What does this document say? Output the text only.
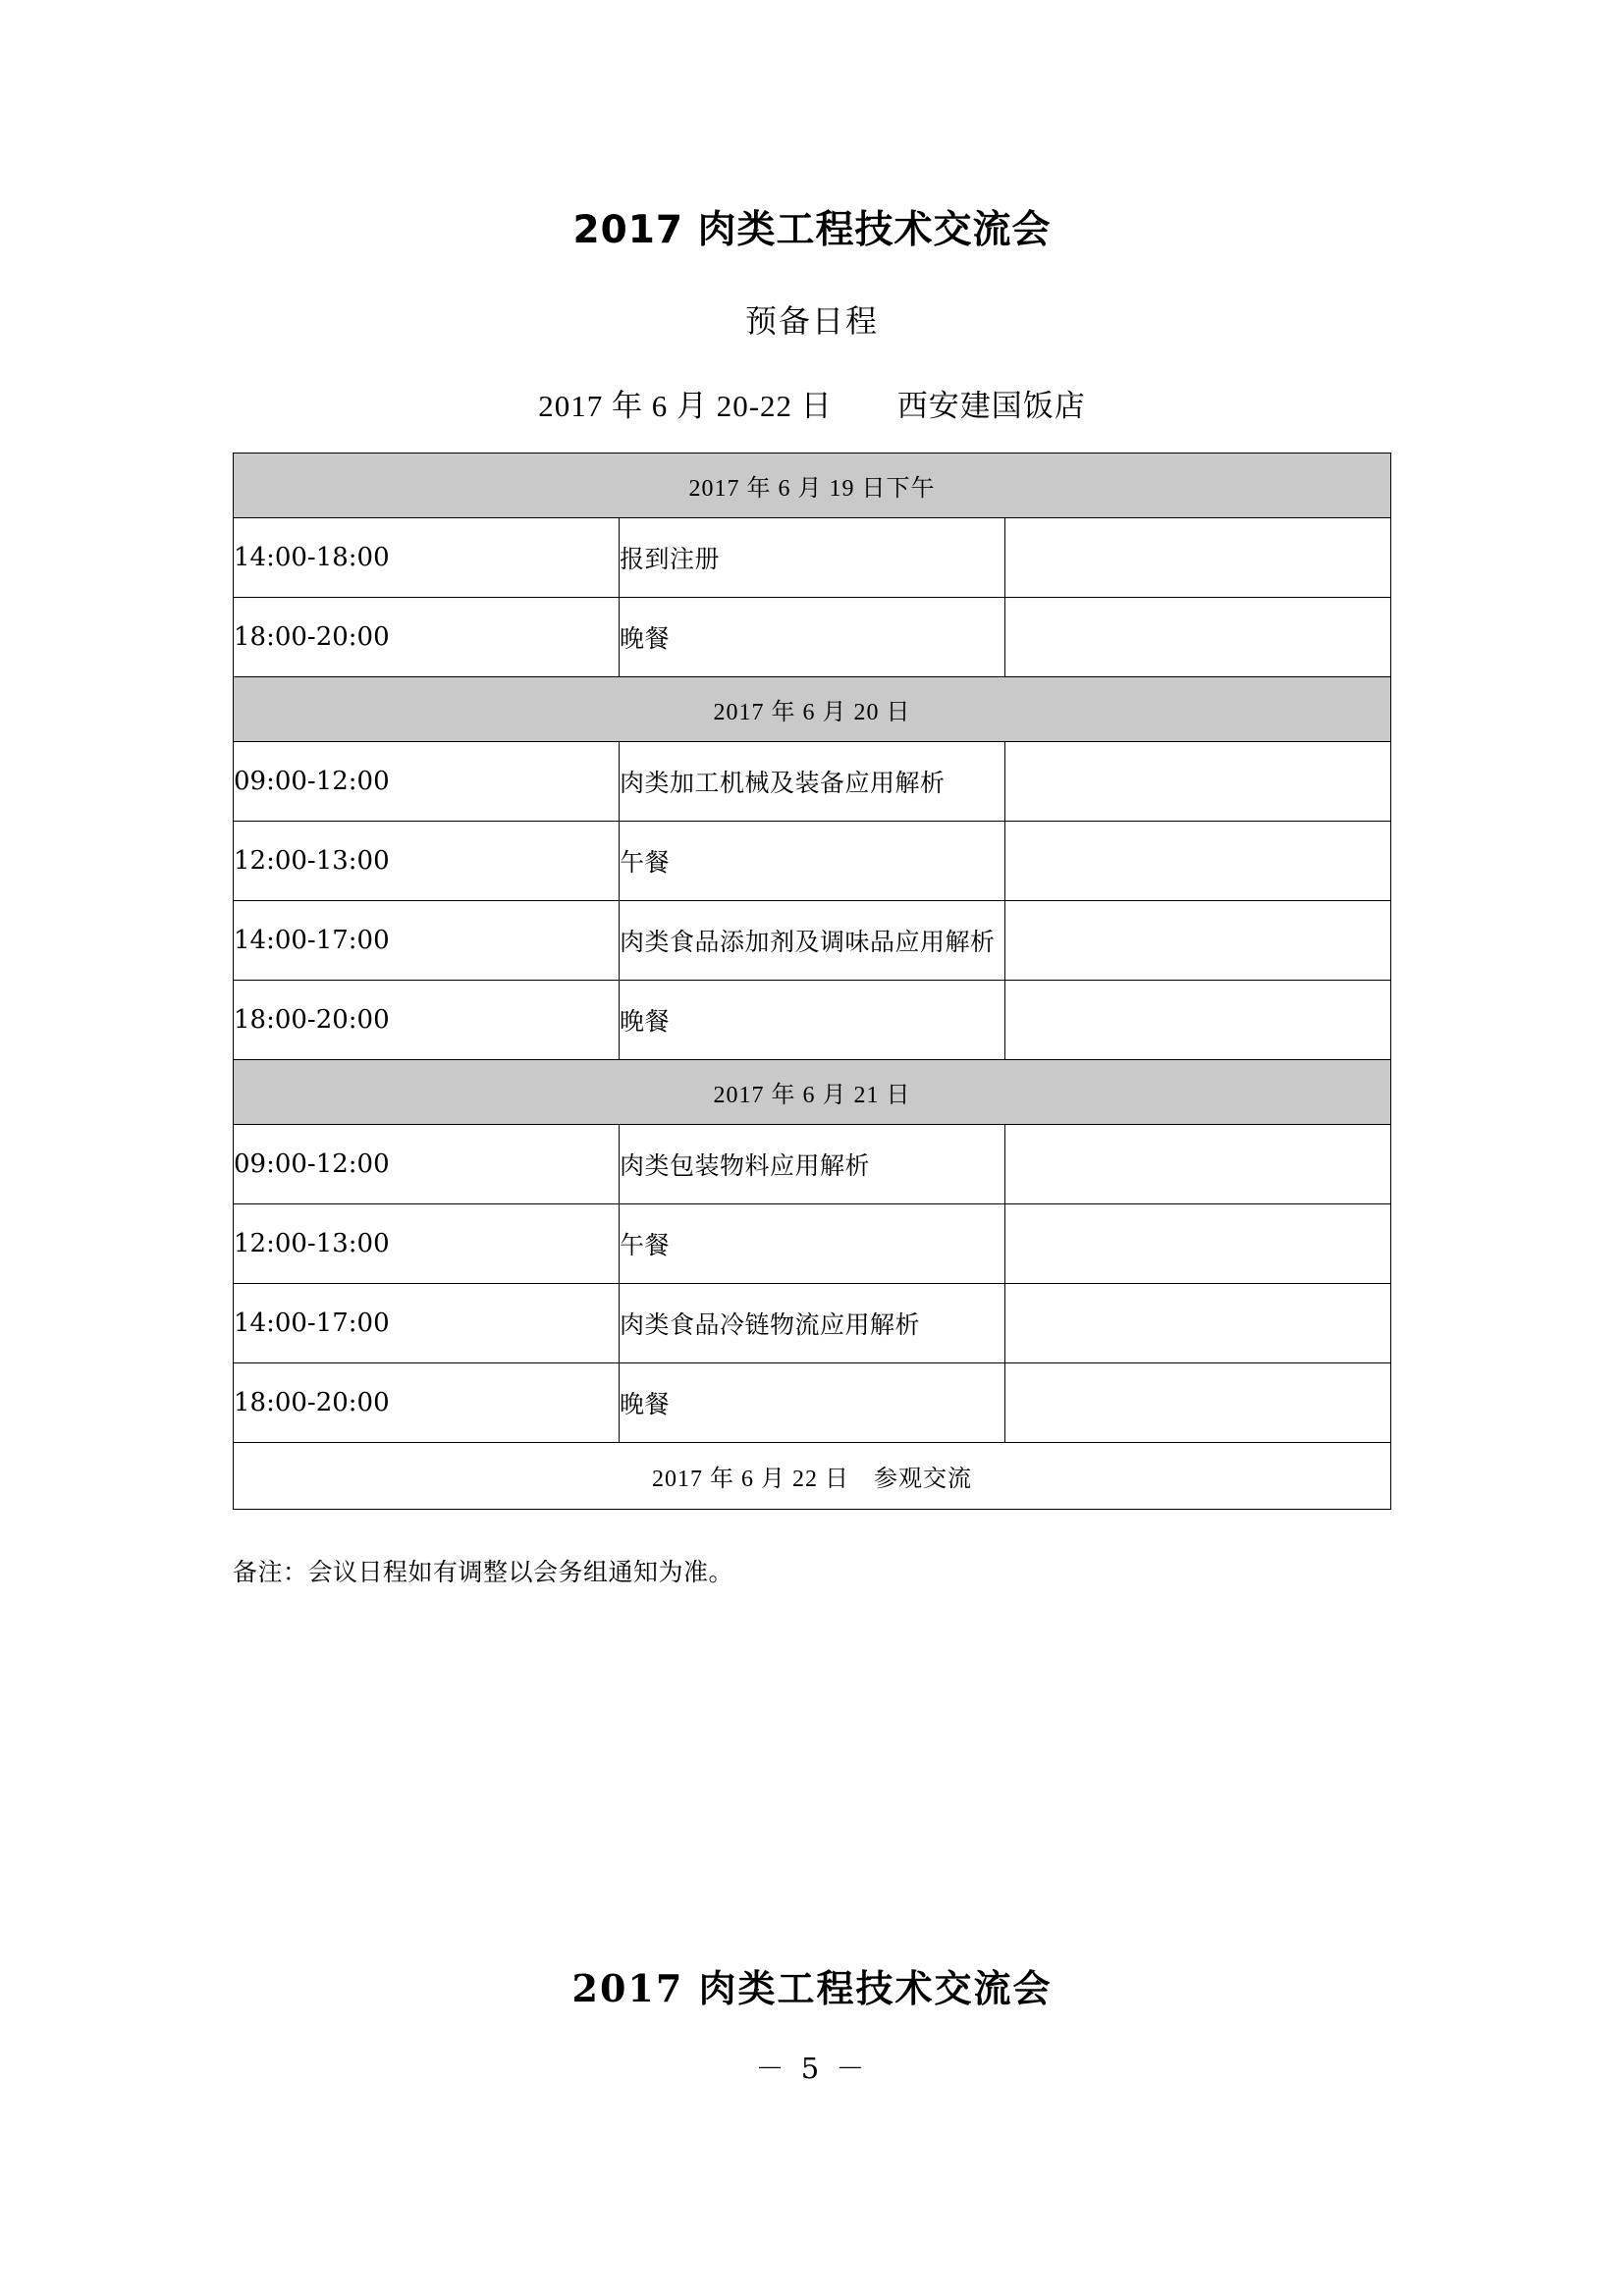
2017 肉类工程技术交流会
预备日程
2017 年 6 月 20-22 日 西安建国饭店
2017 年 6 月 19 日下午		
14:00-18:00	报到注册	
18:00-20:00	晚餐	
2017 年 6 月 20 日		
09:00-12:00	肉类加工机械及装备应用解析	
12:00-13:00	午餐	
14:00-17:00	肉类食品添加剂及调味品应用解析	
18:00-20:00	晚餐	
2017 年 6 月 21 日		
09:00-12:00	肉类包装物料应用解析	
12:00-13:00	午餐	
14:00-17:00	肉类食品冷链物流应用解析	
18:00-20:00	晚餐	
2017 年 6 月 22 日　参观交流		
备注：会议日程如有调整以会务组通知为准。
2017 肉类工程技术交流会
－ 5 －
